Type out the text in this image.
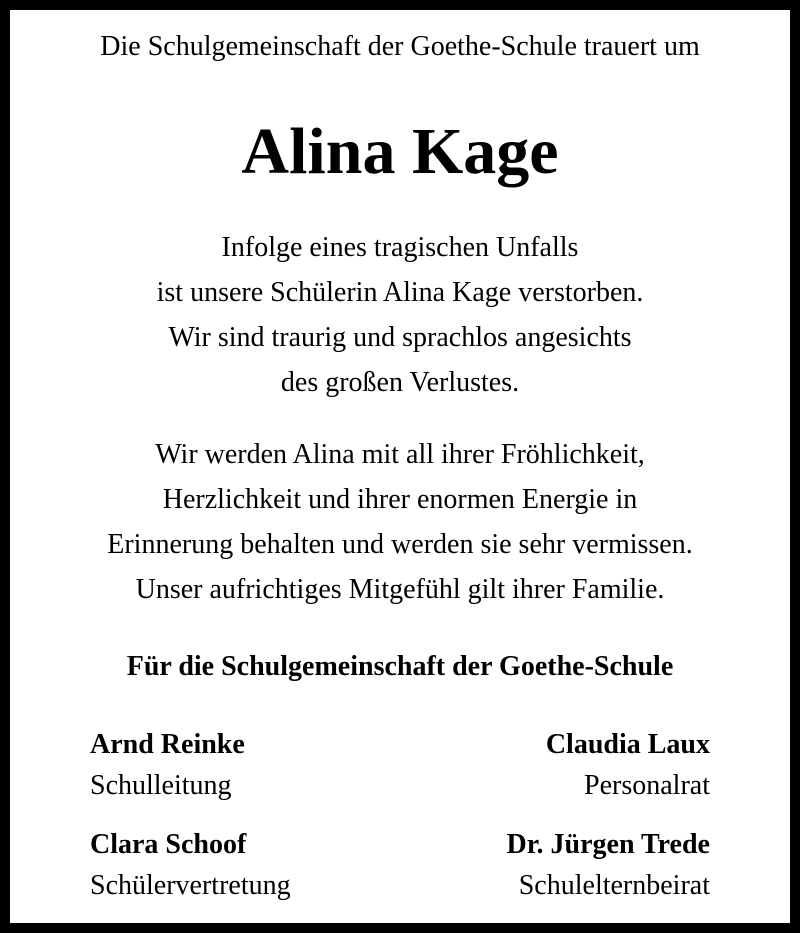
Die Schulgemeinschaft der Goethe-Schule trauert um
Alina Kage
Infolge eines tragischen Unfalls
ist unsere Schülerin Alina Kage verstorben.
Wir sind traurig und sprachlos angesichts
des großen Verlustes.
Wir werden Alina mit all ihrer Fröhlichkeit,
Herzlichkeit und ihrer enormen Energie in
Erinnerung behalten und werden sie sehr vermissen.
Unser aufrichtiges Mitgefühl gilt ihrer Familie.
Für die Schulgemeinschaft der Goethe-Schule
Arnd Reinke
Schulleitung
Claudia Laux
Personalrat
Clara Schoof
Schülervertretung
Dr. Jürgen Trede
Schulelternbeirat
